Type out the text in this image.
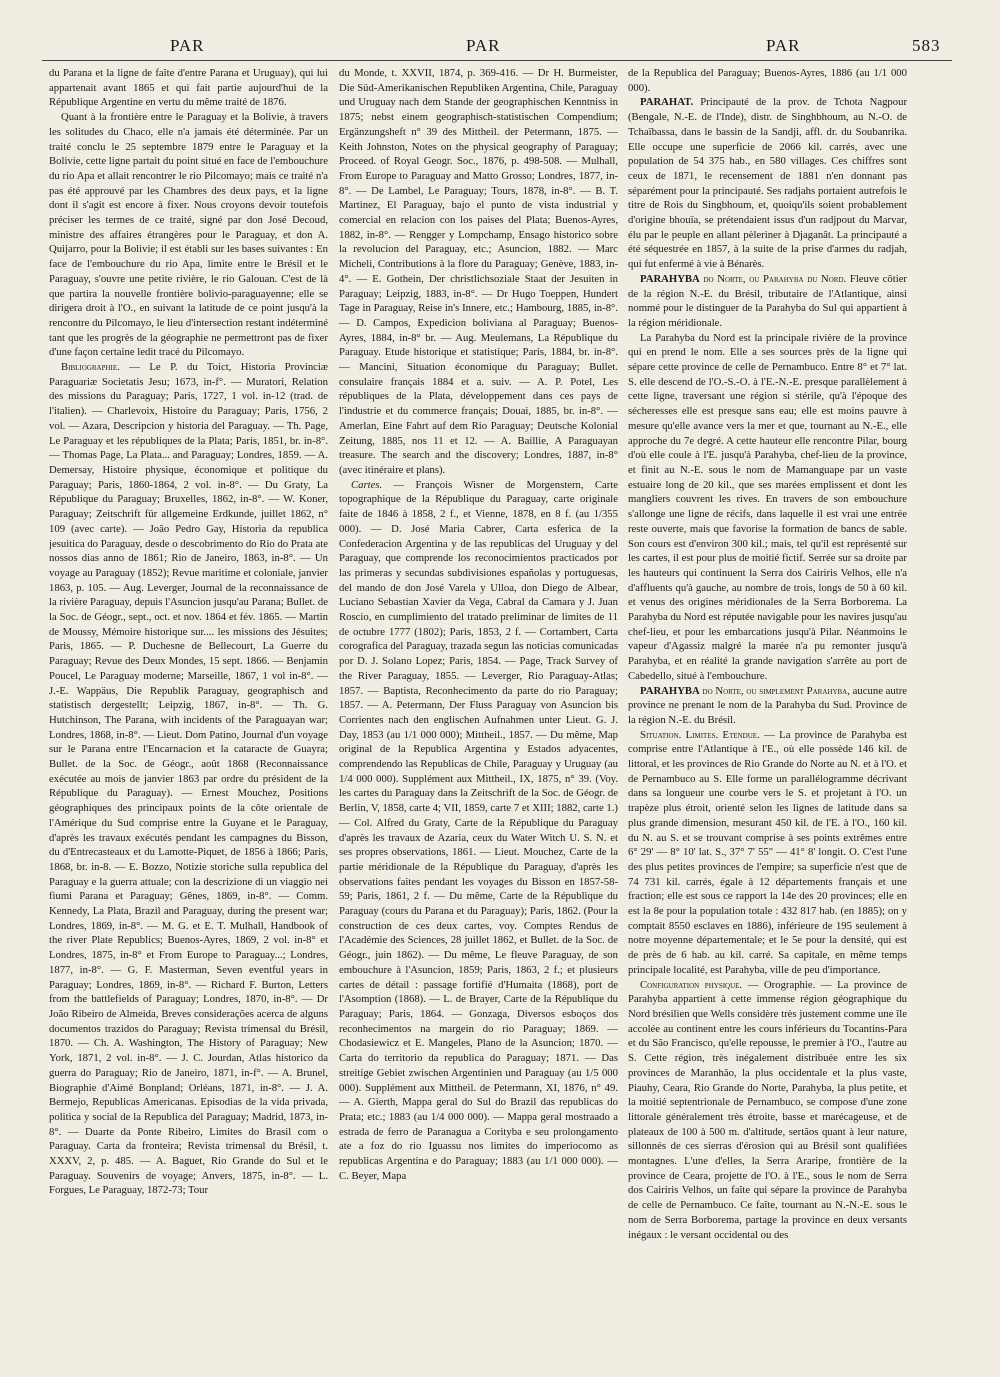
PAR	PAR	PAR	583

du Parana et la ligne de faîte d'entre Parana et Uruguay), qui lui appartenait avant 1865 et qui fait partie aujourd'hui de la République Argentine en vertu du même traité de 1876.

Quant à la frontière entre le Paraguay et la Bolivie, à travers les solitudes du Chaco, elle n'a jamais été déterminée. Par un traité conclu le 25 septembre 1879 entre le Paraguay et la Bolivie, cette ligne partait du point situé en face de l'embouchure du rio Apa et allait rencontrer le rio Pilcomayo; mais ce traité n'a pas été approuvé par les Chambres des deux pays, et la ligne dont il s'agit est encore à fixer. Nous croyons devoir toutefois préciser les termes de ce traité, signé par don José Decoud, ministre des affaires étrangères pour le Paraguay, et don A. Quijarro, pour la Bolivie; il est établi sur les bases suivantes : En face de l'embouchure du rio Apa, limite entre le Brésil et le Paraguay, s'ouvre une petite rivière, le rio Galouan. C'est de là que partira la nouvelle frontière bolivio-paraguayenne; elle se dirigera droit à l'O., en suivant la latitude de ce point jusqu'à la rencontre du Pilcomayo, le lieu d'intersection restant indéterminé tant que les progrès de la géographie ne permettront pas de fixer d'une façon certaine ledit tracé du Pilcomayo.

Bibliographie. — Le P. du Toict, Historia Provinciæ Paraguariæ Societatis Jesu; 1673, in-f°. — Muratori, Relation des missions du Paraguay; Paris, 1727, 1 vol. in-12 (trad. de l'italien). — Charlevoix, Histoire du Paraguay; Paris, 1756, 2 vol. — Azara, Descripcion y historia del Paraguay. — Th. Page, Le Paraguay et les républiques de la Plata; Paris, 1851, br. in-8°. — Thomas Page, La Plata... and Paraguay; Londres, 1859. — A. Demersay, Histoire physique, économique et politique du Paraguay; Paris, 1860-1864, 2 vol. in-8°. — Du Graty, La République du Paraguay; Bruxelles, 1862, in-8°. — W. Koner, Paraguay; Zeitschrift für allgemeine Erdkunde, juillet 1862, n° 109 (avec carte). — João Pedro Gay, Historia da republica jesuitica do Paraguay, desde o descobrimento do Rio do Prata ate nossos dias anno de 1861; Rio de Janeiro, 1863, in-8°. — Un voyage au Paraguay (1852); Revue maritime et coloniale, janvier 1863, p. 105. — Aug. Leverger, Journal de la reconnaissance de la rivière Paraguay, depuis l'Asuncion jusqu'au Parana; Bullet. de la Soc. de Géogr., sept., oct. et nov. 1864 et fév. 1865. — Martin de Moussy, Mémoire historique sur.... les missions des Jésuites; Paris, 1865. — P. Duchesne de Bellecourt, La Guerre du Paraguay; Revue des Deux Mondes, 15 sept. 1866. — Benjamin Poucel, Le Paraguay moderne; Marseille, 1867, 1 vol in-8°. — J.-E. Wappäus, Die Republik Paraguay, geographisch and statistisch dergestellt; Leipzig, 1867, in-8°. — Th. G. Hutchinson, The Parana, with incidents of the Paraguayan war; Londres, 1868, in-8°. — Lieut. Dom Patino, Journal d'un voyage sur le Parana entre l'Encarnacion et la cataracte de Guayra; Bullet. de la Soc. de Géogr., août 1868 (Reconnaissance exécutée au mois de janvier 1863 par ordre du président de la République du Paraguay). — Ernest Mouchez, Positions géographiques des principaux points de la côte orientale de l'Amérique du Sud comprise entre la Guyane et le Paraguay, d'après les travaux exécutés pendant les campagnes du Bisson, du d'Entrecasteaux et du Lamotte-Piquet, de 1856 à 1866; Paris, 1868, br. in-8. — E. Bozzo, Notizie storiche sulla republica del Paraguay e la guerra attuale; con la descrizione di un viaggio nei fiumi Parana et Paraguay; Gênes, 1869, in-8°. — Comm. Kennedy, La Plata, Brazil and Paraguay, during the present war; Londres, 1869, in-8°. — M. G. et E. T. Mulhall, Handbook of the river Plate Republics; Buenos-Ayres, 1869, 2 vol. in-8° et Londres, 1875, in-8° et From Europe to Paraguay...; Londres, 1877, in-8°. — G. F. Masterman, Seven eventful years in Paraguay; Londres, 1869, in-8°. — Richard F. Burton, Letters from the battlefields of Paraguay; Londres, 1870, in-8°. — Dr João Ribeiro de Almeida, Breves considerações acerca de alguns documentos trazidos do Paraguay; Revista trimensal du Brésil, 1870. — Ch. A. Washington, The History of Paraguay; New York, 1871, 2 vol. in-8°. — J. C. Jourdan, Atlas historico da guerra do Paraguay; Rio de Janeiro, 1871, in-f°. — A. Brunel, Biographie d'Aimé Bonpland; Orléans, 1871, in-8°. — J. A. Bermejo, Republicas Americanas. Episodias de la vida privada, politica y social de la Republica del Paraguay; Madrid, 1873, in-8°. — Duarte da Ponte Ribeiro, Limites do Brasil com o Paraguay. Carta da fronteira; Revista trimensal du Brésil, t. XXXV, 2, p. 485. — A. Baguet, Rio Grande do Sul et le Paraguay. Souvenirs de voyage; Anvers, 1875, in-8°. — L. Forgues, Le Paraguay, 1872-73; Tour

du Monde, t. XXVII, 1874, p. 369-416. — Dr H. Burmeister, Die Süd-Amerikanischen Republiken Argentina, Chile, Paraguay und Uruguay nach dem Stande der geographischen Kenntniss in 1875; nebst einem geographisch-statistischen Compendium; Ergänzungsheft n° 39 des Mittheil. der Petermann, 1875. — Keith Johnston, Notes on the physical geography of Paraguay; Proceed. of Royal Geogr. Soc., 1876, p. 498-508. — Mulhall, From Europe to Paraguay and Matto Grosso; Londres, 1877, in-8°. — De Lambel, Le Paraguay; Tours, 1878, in-8°. — B. T. Martinez, El Paraguay, bajo el punto de vista industrial y comercial en relacion con los paises del Plata; Buenos-Ayres, 1882, in-8°. — Rengger y Lompchamp, Ensago historico sobre la revolucion del Paraguay, etc.; Asuncion, 1882. — Marc Micheli, Contributions à la flore du Paraguay; Genève, 1883, in-4°. — E. Gothein, Der christlichsoziale Staat der Jesuiten in Paraguay; Leipzig, 1883, in-8°. — Dr Hugo Toeppen, Hundert Tage in Paraguay, Reise in's Innere, etc.; Hambourg, 1885, in-8°. — D. Campos, Expedicion boliviana al Paraguay; Buenos-Ayres, 1884, in-8° br. — Aug. Meulemans, La République du Paraguay. Etude historique et statistique; Paris, 1884, br. in-8°. — Mancini, Situation économique du Paraguay; Bullet. consulaire français 1884 et a. suiv. — A. P. Potel, Les républiques de la Plata, développement dans ces pays de l'industrie et du commerce français; Douai, 1885, br. in-8°. — Amerlan, Eine Fahrt auf dem Rio Paraguay; Deutsche Kolonial Zeitung, 1885, nos 11 et 12. — A. Baillie, A Paraguayan treasure. The search and the discovery; Londres, 1887, in-8° (avec itinéraire et plans).

Cartes. — François Wisner de Morgenstern, Carte topographique de la République du Paraguay, carte originale faite de 1846 à 1858, 2 f., et Vienne, 1878, en 8 f. (au 1/355 000). — D. José Maria Cabrer, Carta esferica de la Confederacion Argentina y de las republicas del Uruguay y del Paraguay, que comprende los reconocimientos practicados por las primeras y secundas subdivisiones españolas y portuguesas, del mando de don José Varela y Ulloa, don Diego de Albear, Luciano Sebastian Xavier da Vega, Cabral da Camara y J. Juan Roscio, en cumplimiento del tratado preliminar de limites de 11 de octubre 1777 (1802); Paris, 1853, 2 f. — Cortambert, Carta corografica del Paraguay, trazada segun las noticias comunicadas por D. J. Solano Lopez; Paris, 1854. — Page, Track Survey of the River Paraguay, 1855. — Leverger, Rio Paraguay-Atlas; 1857. — Baptista, Reconhecimento da parte do rio Paraguay; 1857. — A. Petermann, Der Fluss Paraguay von Asuncion bis Corrientes nach den englischen Aufnahmen unter Lieut. G. J. Day, 1853 (au 1/1 000 000); Mittheil., 1857. — Du même, Map original de la Republica Argentina y Estados adyacentes, comprendendo las Republicas de Chile, Paraguay y Uruguay (au 1/4 000 000). Supplément aux Mittheil., IX, 1875, n° 39. (Voy. les cartes du Paraguay dans la Zeitschrift de la Soc. de Géogr. de Berlin, V, 1858, carte 4; VII, 1859, carte 7 et XIII; 1882, carte 1.) — Col. Alfred du Graty, Carte de la République du Paraguay d'après les travaux de Azaria, ceux du Water Witch U. S. N. et ses propres observations, 1861. — Lieut. Mouchez, Carte de la partie méridionale de la République du Paraguay, d'après les observations faites pendant les voyages du Bisson en 1857-58-59; Paris, 1861, 2 f. — Du même, Carte de la République du Paraguay (cours du Parana et du Paraguay); Paris, 1862. (Pour la construction de ces deux cartes, voy. Comptes Rendus de l'Académie des Sciences, 28 juillet 1862, et Bullet. de la Soc. de Géogr., juin 1862). — Du même, Le fleuve Paraguay, de son embouchure à l'Asuncion, 1859; Paris, 1863, 2 f.; et plusieurs cartes de détail : passage fortifié d'Humaita (1868), port de l'Asomption (1868). — L. de Brayer, Carte de la République du Paraguay; Paris, 1864. — Gonzaga, Diversos esboços dos reconhecimentos na margein do rio Paraguay; 1869. — Chodasiewicz et E. Mangeles, Plano de la Asuncion; 1870. — Carta do territorio da republica do Paraguay; 1871. — Das streitige Gebiet zwischen Argentinien und Paraguay (au 1/5 000 000). Supplément aux Mittheil. de Petermann, XI, 1876, n° 49. — A. Gierth, Mappa geral do Sul do Brazil das republicas do Prata; etc.; 1883 (au 1/4 000 000). — Mappa geral mostraado a estrada de ferro de Paranagua a Corityba e seu prolongamento ate a foz do rio Iguassu nos limites do imperiocomo as republicas Argentina e do Paraguay; 1883 (au 1/1 000 000). — C. Beyer, Mapa

de la Republica del Paraguay; Buenos-Ayres, 1886 (au 1/1 000 000).

PARAHAT. Principauté de la prov. de Tchota Nagpour (Bengale, N.-E. de l'Inde), distr. de Singhbhoum, au N.-O. de Tchaïbassa, dans le bassin de la Sandji, affl. dr. du Soubanrika. Elle occupe une superficie de 2066 kil. carrés, avec une population de 54 375 hab., en 580 villages. Ces chiffres sont ceux de 1871, le recensement de 1881 n'en donnant pas séparément pour la principauté. Ses radjahs portaient autrefois le titre de Rois du Singbhoum, et, quoiqu'ils soient probablement d'origine bhouïa, se prétendaient issus d'un radjpout du Marvar, élu par le peuple en allant pèleriner à Djaganât. La principauté a été séquestrée en 1857, à la suite de la prise d'armes du radjah, qui fut enfermé à vie à Bénarès.

PARAHYBA do Norte, ou Parahyba du Nord. Fleuve côtier de la région N.-E. du Brésil, tributaire de l'Atlantique, ainsi nommé pour le distinguer de la Parahyba do Sul qui appartient à la région méridionale.

La Parahyba du Nord est la principale rivière de la province qui en prend le nom. Elle a ses sources près de la ligne qui sépare cette province de celle de Pernambuco. Entre 8° et 7° lat. S. elle descend de l'O.-S.-O. à l'E.-N.-E. presque parallèlement à cette ligne, traversant une région si stérile, qu'à l'époque des sécheresses elle est presque sans eau; elle est moins pauvre à mesure qu'elle avance vers la mer et que, tournant au N.-E., elle approche du 7e degré. A cette hauteur elle rencontre Pilar, bourg d'où elle coule à l'E. jusqu'à Parahyba, chef-lieu de la province, et finit au N.-E. sous le nom de Mamanguape par un vaste estuaire long de 20 kil., que ses marées emplissent et dont les mangliers couvrent les rives. En travers de son embouchure s'allonge une ligne de récifs, dans laquelle il est vrai une entrée reste ouverte, mais que favorise la formation de bancs de sable. Son cours est d'environ 300 kil.; mais, tel qu'il est représenté sur les cartes, il est pour plus de moitié fictif. Serrée sur sa droite par les hauteurs qui continuent la Serra dos Cairiris Velhos, elle n'a d'affluents qu'à gauche, au nombre de trois, longs de 50 à 60 kil. et venus des origines méridionales de la Serra Borborema. La Parahyba du Nord est réputée navigable pour les navires jusqu'au chef-lieu, et pour les embarcations jusqu'à Pilar. Néanmoins le vapeur d'Agassiz malgré la marée n'a pu remonter jusqu'à Parahyba, et en réalité la grande navigation s'arrête au port de Cabedello, situé à l'embouchure.

PARAHYBA do Norte, ou simplement Parahyba, aucune autre province ne prenant le nom de la Parahyba du Sud. Province de la région N.-E. du Brésil.

Situation. Limites. Etendue. — La province de Parahyba est comprise entre l'Atlantique à l'E., où elle possède 146 kil. de littoral, et les provinces de Rio Grande do Norte au N. et à l'O. et de Pernambuco au S. Elle forme un parallélogramme décrivant dans sa longueur une courbe vers le S. et projetant à l'O. un trapèze plus étroit, orienté selon les lignes de latitude dans sa plus grande dimension, mesurant 450 kil. de l'E. à l'O., 160 kil. du N. au S. et se trouvant comprise à ses points extrêmes entre 6° 29' — 8° 10' lat. S., 37° 7' 55" — 41° 8' longit. O. C'est l'une des plus petites provinces de l'empire; sa superficie n'est que de 74 731 kil. carrés, égale à 12 départements français et une fraction; elle est sous ce rapport la 14e des 20 provinces; elle en est la 8e pour la population totale : 432 817 hab. (en 1885); on y comptait 8550 esclaves en 1886), inférieure de 195 seulement à notre moyenne départementale; et le 5e pour la densité, qui est de près de 6 hab. au kil. carré. Sa capitale, en même temps principale localité, est Parahyba, ville de peu d'importance.

Configuration physique. — Orographie. — La province de Parahyba appartient à cette immense région géographique du Nord brésilien que Wells considère très justement comme une île accolée au continent entre les cours inférieurs du Tocantins-Para et du São Francisco, qu'elle repousse, le premier à l'O., l'autre au S. Cette région, très inégalement distribuée entre les six provinces de Maranhão, la plus occidentale et la plus vaste, Piauhy, Ceara, Rio Grande do Norte, Parahyba, la plus petite, et la moitié septentrionale de Pernambuco, se compose d'une zone littorale généralement très étroite, basse et marécageuse, et de plateaux de 100 à 500 m. d'altitude, sertãos quant à leur nature, sillonnés de ces sierras d'érosion qui au Brésil sont qualifiées montagnes. L'une d'elles, la Serra Araripe, frontière de la province de Ceara, projette de l'O. à l'E., sous le nom de Serra dos Cairiris Velhos, un faîte qui sépare la province de Parahyba de celle de Pernambuco. Ce faîte, tournant au N.-N.-E. sous le nom de Serra Borborema, partage la province en deux versants inégaux : le versant occidental ou des
